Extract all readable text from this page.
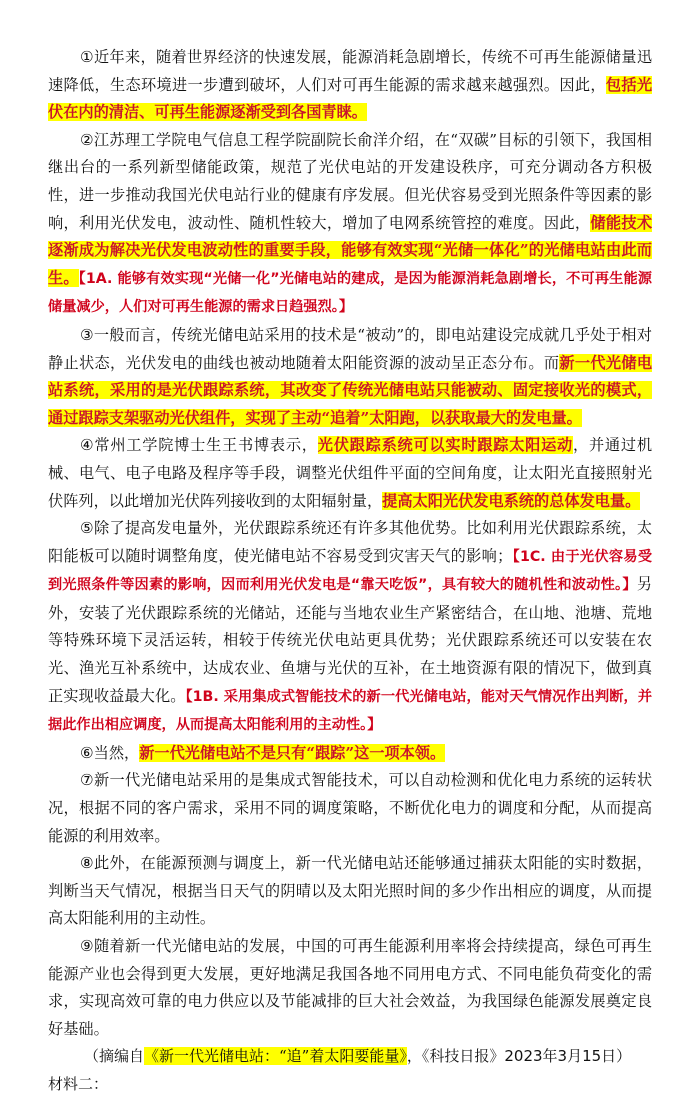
①近年来，随着世界经济的快速发展，能源消耗急剧增长，传统不可再生能源储量迅速降低，生态环境进一步遭到破坏，人们对可再生能源的需求越来越强烈。因此，包括光伏在内的清洁、可再生能源逐渐受到各国青睐。

②江苏理工学院电气信息工程学院副院长俞洋介绍，在“双碳”目标的引领下，我国相继出台的一系列新型储能政策，规范了光伏电站的开发建设秩序，可充分调动各方积极性，进一步推动我国光伏电站行业的健康有序发展。但光伏容易受到光照条件等因素的影响，利用光伏发电，波动性、随机性较大，增加了电网系统管控的难度。因此，储能技术逐渐成为解决光伏发电波动性的重要手段，能够有效实现“光储一体化”的光储电站由此而生。【1A. 能够有效实现“光储一化”光储电站的建成，是因为能源消耗急剧增长，不可再生能源储量减少，人们对可再生能源的需求日趋强烈。】

③一般而言，传统光储电站采用的技术是“被动”的，即电站建设完成就几乎处于相对静止状态，光伏发电的曲线也被动地随着太阳能资源的波动呈正态分布。而新一代光储电站系统，采用的是光伏跟踪系统，其改变了传统光储电站只能被动、固定接收光的模式，通过跟踪支架驱动光伏组件，实现了主动“追着”太阳跑，以获取最大的发电量。

④常州工学院博士生王书博表示，光伏跟踪系统可以实时跟踪太阳运动，并通过机械、电气、电子电路及程序等手段，调整光伏组件平面的空间角度，让太阳光直接照射光伏阵列，以此增加光伏阵列接收到的太阳辐射量，提高太阳光伏发电系统的总体发电量。

⑤除了提高发电量外，光伏跟踪系统还有许多其他优势。比如利用光伏跟踪系统，太阳能板可以随时调整角度，使光储电站不容易受到灾害天气的影响；【1C. 由于光伏容易受到光照条件等因素的影响，因而利用光伏发电是“靠天吃饭”，具有较大的随机性和波动性。】另外，安装了光伏跟踪系统的光储站，还能与当地农业生产紧密结合，在山地、池塘、荒地等特殊环境下灵活运转，相较于传统光伏电站更具优势；光伏跟踪系统还可以安装在农光、渔光互补系统中，达成农业、鱼塘与光伏的互补，在土地资源有限的情况下，做到真正实现收益最大化。【1B. 采用集成式智能技术的新一代光储电站，能对天气情况作出判断，并据此作出相应调度，从而提高太阳能利用的主动性。】

⑥当然，新一代光储电站不是只有“跟踪”这一项本领。

⑦新一代光储电站采用的是集成式智能技术，可以自动检测和优化电力系统的运转状况，根据不同的客户需求，采用不同的调度策略，不断优化电力的调度和分配，从而提高能源的利用效率。

⑧此外，在能源预测与调度上，新一代光储电站还能够通过捕获太阳能的实时数据，判断当天气情况，根据当日天气的阴晴以及太阳光照时间的多少作出相应的调度，从而提高太阳能利用的主动性。

⑨随着新一代光储电站的发展，中国的可再生能源利用率将会持续提高，绿色可再生能源产业也会得到更大发展，更好地满足我国各地不同用电方式、不同电能负荷变化的需求，实现高效可靠的电力供应以及节能减排的巨大社会效益，为我国绿色能源发展奠定良好基础。

（摘编自《新一代光储电站：“追”着太阳要能量》，《科技日报》2023年3月15日）

材料二：
